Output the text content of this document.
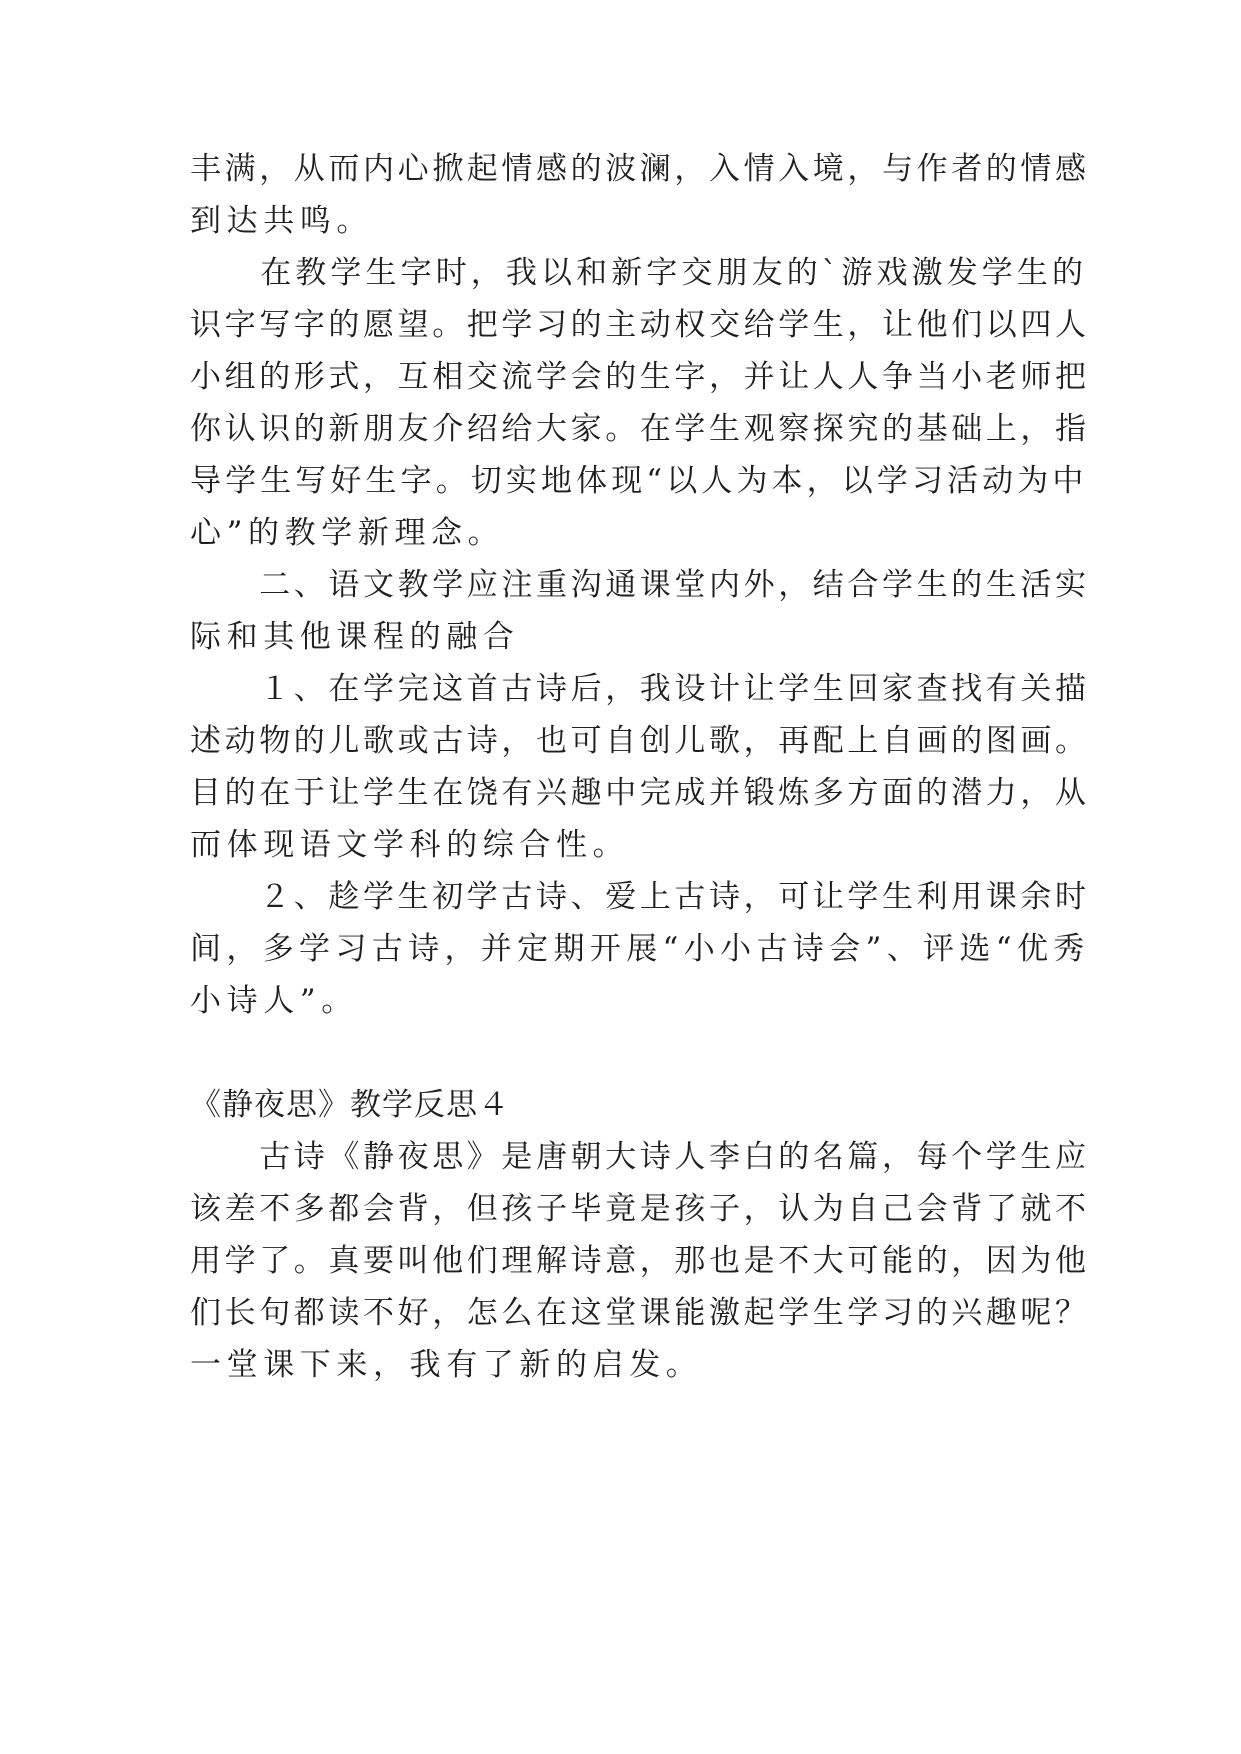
丰满，从而内心掀起情感的波澜，入情入境，与作者的情感
到达共鸣。
　　在教学生字时，我以和新字交朋友的`游戏激发学生的
识字写字的愿望。把学习的主动权交给学生，让他们以四人
小组的形式，互相交流学会的生字，并让人人争当小老师把
你认识的新朋友介绍给大家。在学生观察探究的基础上，指
导学生写好生字。切实地体现“以人为本，以学习活动为中
心”的教学新理念。
　　二、语文教学应注重沟通课堂内外，结合学生的生活实
际和其他课程的融合
　　１、在学完这首古诗后，我设计让学生回家查找有关描
述动物的儿歌或古诗，也可自创儿歌，再配上自画的图画。
目的在于让学生在饶有兴趣中完成并锻炼多方面的潜力，从
而体现语文学科的综合性。
　　２、趁学生初学古诗、爱上古诗，可让学生利用课余时
间，多学习古诗，并定期开展“小小古诗会”、评选“优秀
小诗人”。
《静夜思》教学反思４
　　古诗《静夜思》是唐朝大诗人李白的名篇，每个学生应
该差不多都会背，但孩子毕竟是孩子，认为自己会背了就不
用学了。真要叫他们理解诗意，那也是不大可能的，因为他
们长句都读不好，怎么在这堂课能激起学生学习的兴趣呢？
一堂课下来，我有了新的启发。
